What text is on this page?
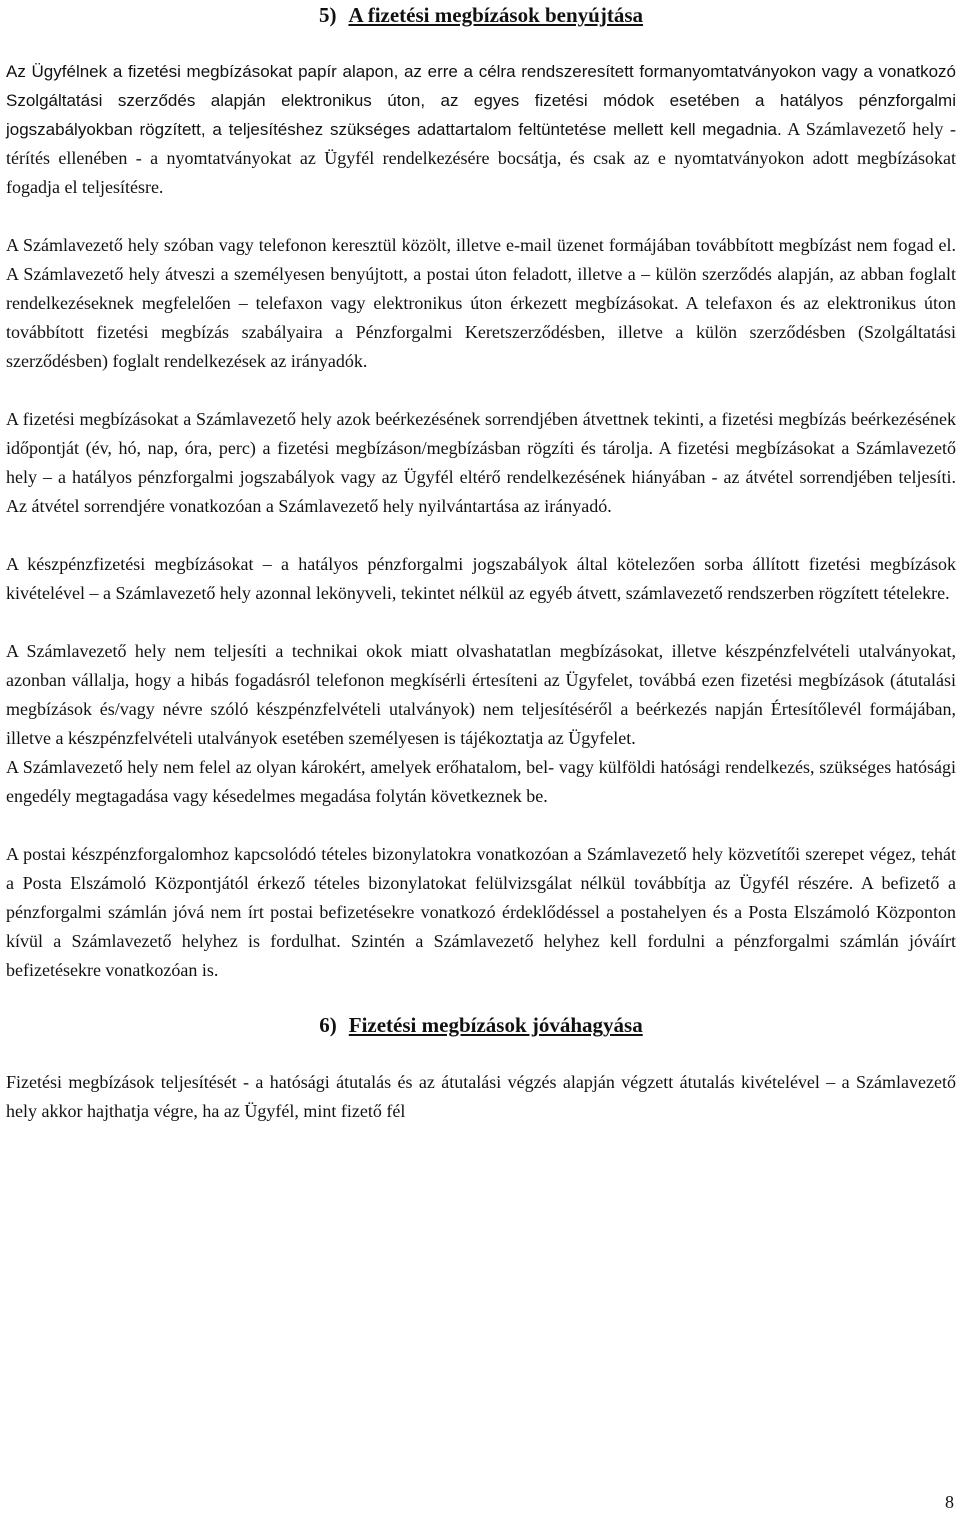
5) A fizetési megbízások benyújtása

Az Ügyfélnek a fizetési megbízásokat papír alapon, az erre a célra rendszeresített formanyomtatványokon vagy a vonatkozó Szolgáltatási szerződés alapján elektronikus úton, az egyes fizetési módok esetében a hatályos pénzforgalmi jogszabályokban rögzített, a teljesítéshez szükséges adattartalom feltüntetése mellett kell megadnia. A Számlavezető hely - térítés ellenében - a nyomtatványokat az Ügyfél rendelkezésére bocsátja, és csak az e nyomtatványokon adott megbízásokat fogadja el teljesítésre.

A Számlavezető hely szóban vagy telefonon keresztül közölt, illetve e-mail üzenet formájában továbbított megbízást nem fogad el. A Számlavezető hely átveszi a személyesen benyújtott, a postai úton feladott, illetve a – külön szerződés alapján, az abban foglalt rendelkezéseknek megfelelően – telefaxon vagy elektronikus úton érkezett megbízásokat. A telefaxon és az elektronikus úton továbbított fizetési megbízás szabályaira a Pénzforgalmi Keretszerződésben, illetve a külön szerződésben (Szolgáltatási szerződésben) foglalt rendelkezések az irányadók.

A fizetési megbízásokat a Számlavezető hely azok beérkezésének sorrendjében átvettnek tekinti, a fizetési megbízás beérkezésének időpontját (év, hó, nap, óra, perc) a fizetési megbízáson/megbízásban rögzíti és tárolja. A fizetési megbízásokat a Számlavezető hely – a hatályos pénzforgalmi jogszabályok vagy az Ügyfél eltérő rendelkezésének hiányában - az átvétel sorrendjében teljesíti. Az átvétel sorrendjére vonatkozóan a Számlavezető hely nyilvántartása az irányadó.

A készpénzfizetési megbízásokat – a hatályos pénzforgalmi jogszabályok által kötelezően sorba állított fizetési megbízások kivételével – a Számlavezető hely azonnal lekönyveli, tekintet nélkül az egyéb átvett, számlavezető rendszerben rögzített tételekre.

A Számlavezető hely nem teljesíti a technikai okok miatt olvashatatlan megbízásokat, illetve készpénzfelvételi utalványokat, azonban vállalja, hogy a hibás fogadásról telefonon megkísérli értesíteni az Ügyfelet, továbbá ezen fizetési megbízások (átutalási megbízások és/vagy névre szóló készpénzfelvételi utalványok) nem teljesítéséről a beérkezés napján Értesítőlevél formájában, illetve a készpénzfelvételi utalványok esetében személyesen is tájékoztatja az Ügyfelet.

A Számlavezető hely nem felel az olyan károkért, amelyek erőhatalom, bel- vagy külföldi hatósági rendelkezés, szükséges hatósági engedély megtagadása vagy késedelmes megadása folytán következnek be.

A postai készpénzforgalomhoz kapcsolódó tételes bizonylatokra vonatkozóan a Számlavezető hely közvetítői szerepet végez, tehát a Posta Elszámoló Központjától érkező tételes bizonylatokat felülvizsgálat nélkül továbbítja az Ügyfél részére. A befizető a pénzforgalmi számlán jóvá nem írt postai befizetésekre vonatkozó érdeklődéssel a postahelyen és a Posta Elszámoló Központon kívül a Számlavezető helyhez is fordulhat. Szintén a Számlavezető helyhez kell fordulni a pénzforgalmi számlán jóváírt befizetésekre vonatkozóan is.

6) Fizetési megbízások jóváhagyása

Fizetési megbízások teljesítését - a hatósági átutalás és az átutalási végzés alapján végzett átutalás kivételével – a Számlavezető hely akkor hajthatja végre, ha az Ügyfél, mint fizető fél

8
